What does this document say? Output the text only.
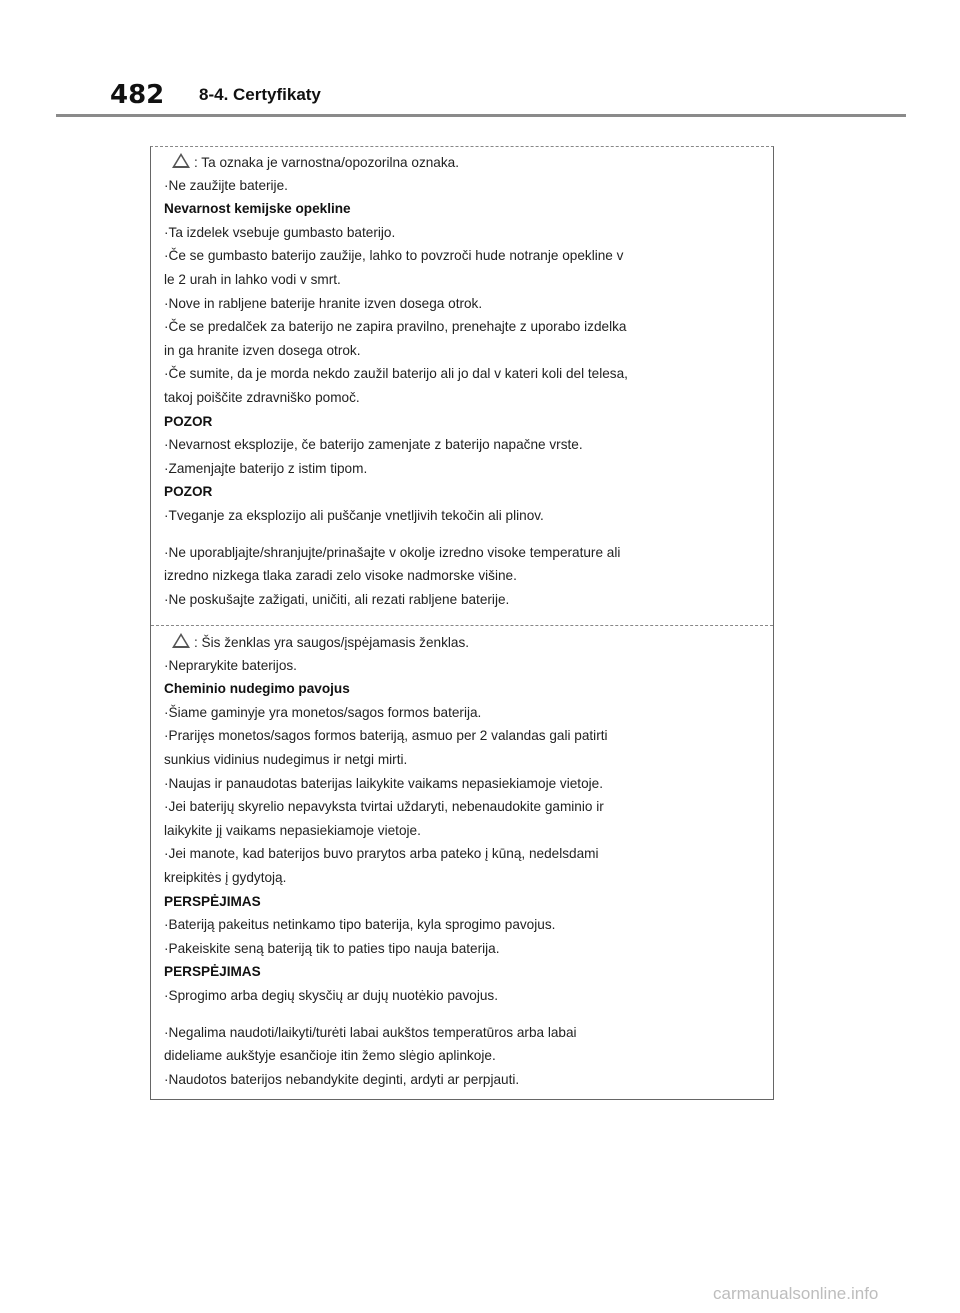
482 8-4. Certyfikaty
: Ta oznaka je varnostna/opozorilna oznaka.
·Ne zaužijte baterije.
Nevarnost kemijske opekline
·Ta izdelek vsebuje gumbasto baterijo.
·Če se gumbasto baterijo zaužije, lahko to povzroči hude notranje opekline v
le 2 urah in lahko vodi v smrt.
·Nove in rabljene baterije hranite izven dosega otrok.
·Če se predalček za baterijo ne zapira pravilno, prenehajte z uporabo izdelka
in ga hranite izven dosega otrok.
·Če sumite, da je morda nekdo zaužil baterijo ali jo dal v kateri koli del telesa,
takoj poiščite zdravniško pomoč.
POZOR
·Nevarnost eksplozije, če baterijo zamenjate z baterijo napačne vrste.
·Zamenjajte baterijo z istim tipom.
POZOR
·Tveganje za eksplozijo ali puščanje vnetljivih tekočin ali plinov.
·Ne uporabljajte/shranjujte/prinašajte v okolje izredno visoke temperature ali
izredno nizkega tlaka zaradi zelo visoke nadmorske višine.
·Ne poskušajte zažigati, uničiti, ali rezati rabljene baterije.
: Šis ženklas yra saugos/įspėjamasis ženklas.
·Neprarykite baterijos.
Cheminio nudegimo pavojus
·Šiame gaminyje yra monetos/sagos formos baterija.
·Prarijęs monetos/sagos formos bateriją, asmuo per 2 valandas gali patirti
sunkius vidinius nudegimus ir netgi mirti.
·Naujas ir panaudotas baterijas laikykite vaikams nepasiekiamoje vietoje.
·Jei baterijų skyrelio nepavyksta tvirtai uždaryti, nebenaudokite gaminio ir
laikykite jį vaikams nepasiekiamoje vietoje.
·Jei manote, kad baterijos buvo prarytos arba pateko į kūną, nedelsdami
kreipkitės į gydytoją.
PERSPĖJIMAS
·Bateriją pakeitus netinkamo tipo baterija, kyla sprogimo pavojus.
·Pakeiskite seną bateriją tik to paties tipo nauja baterija.
PERSPĖJIMAS
·Sprogimo arba degių skysčių ar dujų nuotėkio pavojus.
·Negalima naudoti/laikyti/turėti labai aukštos temperatūros arba labai
dideliame aukštyje esančioje itin žemo slėgio aplinkoje.
·Naudotos baterijos nebandykite deginti, ardyti ar perpjauti.
carmanualsonline.info
